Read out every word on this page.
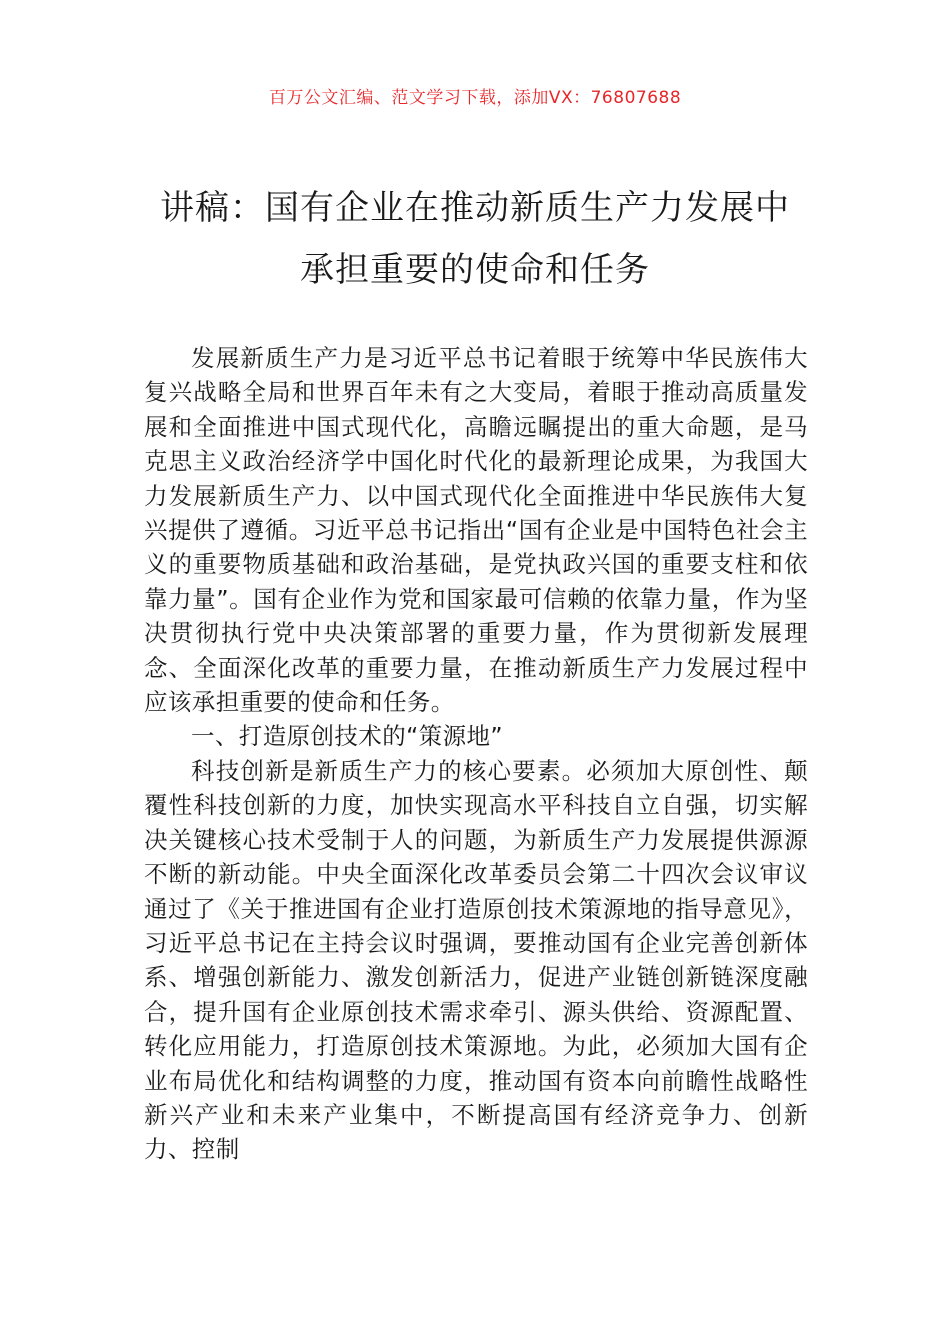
百万公文汇编、范文学习下载，添加VX：76807688
讲稿：国有企业在推动新质生产力发展中
承担重要的使命和任务

发展新质生产力是习近平总书记着眼于统筹中华民族伟大复兴战略全局和世界百年未有之大变局，着眼于推动高质量发展和全面推进中国式现代化，高瞻远瞩提出的重大命题，是马克思主义政治经济学中国化时代化的最新理论成果，为我国大力发展新质生产力、以中国式现代化全面推进中华民族伟大复兴提供了遵循。习近平总书记指出“国有企业是中国特色社会主义的重要物质基础和政治基础，是党执政兴国的重要支柱和依靠力量”。国有企业作为党和国家最可信赖的依靠力量，作为坚决贯彻执行党中央决策部署的重要力量，作为贯彻新发展理念、全面深化改革的重要力量，在推动新质生产力发展过程中应该承担重要的使命和任务。

一、打造原创技术的“策源地”

科技创新是新质生产力的核心要素。必须加大原创性、颠覆性科技创新的力度，加快实现高水平科技自立自强，切实解决关键核心技术受制于人的问题，为新质生产力发展提供源源不断的新动能。中央全面深化改革委员会第二十四次会议审议通过了《关于推进国有企业打造原创技术策源地的指导意见》，习近平总书记在主持会议时强调，要推动国有企业完善创新体系、增强创新能力、激发创新活力，促进产业链创新链深度融合，提升国有企业原创技术需求牵引、源头供给、资源配置、转化应用能力，打造原创技术策源地。为此，必须加大国有企业布局优化和结构调整的力度，推动国有资本向前瞻性战略性新兴产业和未来产业集中，不断提高国有经济竞争力、创新力、控制
